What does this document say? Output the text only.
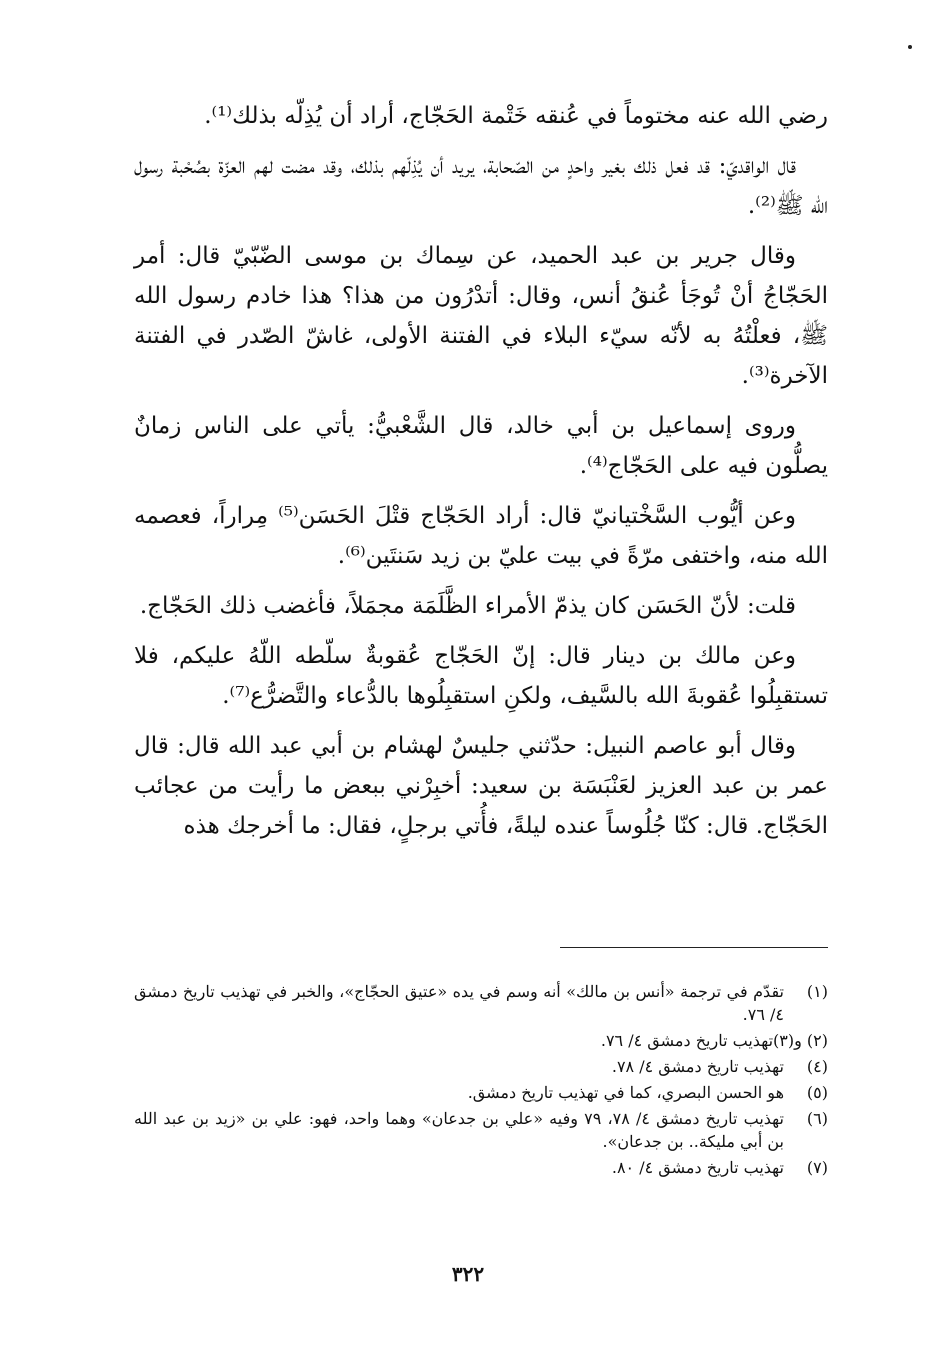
رضي الله عنه مختوماً في عُنقه خَتْمة الحَجّاج، أراد أن يُذِلّه بذلك⁽¹⁾.

قال الواقديّ: قد فعل ذلك بغير واحدٍ من الصّحابة، يريد أن يُذِلّهم بذلك، وقد مضت لهم العزّة بصُحْبة رسول الله ﷺ⁽²⁾.

وقال جرير بن عبد الحميد، عن سِماك بن موسى الضّبّيّ قال: أمر الحَجّاجُ أنْ تُوجَأ عُنقُ أنس، وقال: أتدْرُون من هذا؟ هذا خادم رسول الله ﷺ، فعلْتُهُ به لأنّه سيّء البلاء في الفتنة الأولى، غاشّ الصّدر في الفتنة الآخرة⁽³⁾.

وروى إسماعيل بن أبي خالد، قال الشَّعْبيُّ: يأتي على الناس زمانٌ يصلُّون فيه على الحَجّاج⁽⁴⁾.

وعن أيُّوب السَّخْتيانيّ قال: أراد الحَجّاج قتْلَ الحَسَن⁽⁵⁾ مِراراً، فعصمه الله منه، واختفى مرّةً في بيت عليّ بن زيد سَنتَين⁽⁶⁾.

قلت: لأنّ الحَسَن كان يذمّ الأمراء الظَّلَمَة مجمَلاً، فأغضب ذلك الحَجّاج.

وعن مالك بن دينار قال: إنّ الحَجّاج عُقوبةٌ سلّطه اللّهُ عليكم، فلا تستقبِلُوا عُقوبةَ الله بالسَّيف، ولكنِ استقبِلُوها بالدُّعاء والتَّضرُّع⁽⁷⁾.

وقال أبو عاصم النبيل: حدّثني جليسٌ لهشام بن أبي عبد الله قال: قال عمر بن عبد العزيز لعَنْبَسَة بن سعيد: أخبِرْني ببعض ما رأيت من عجائب الحَجّاج. قال: كنّا جُلُوساً عنده ليلةً، فأُتي برجلٍ، فقال: ما أخرجك هذه

(١)
تقدّم في ترجمة «أنس بن مالك» أنه وسم في يده «عتيق الحجّاج»، والخبر في تهذيب تاريخ دمشق ٤/ ٧٦.
(٢) و(٣)
تهذيب تاريخ دمشق ٤/ ٧٦.
(٤)
تهذيب تاريخ دمشق ٤/ ٧٨.
(٥)
هو الحسن البصري، كما في تهذيب تاريخ دمشق.
(٦)
تهذيب تاريخ دمشق ٤/ ٧٨، ٧٩ وفيه «علي بن جدعان» وهما واحد، فهو: علي بن «زيد بن عبد الله بن أبي مليكة.. بن جدعان».
(٧)
تهذيب تاريخ دمشق ٤/ ٨٠.
٣٢٢
